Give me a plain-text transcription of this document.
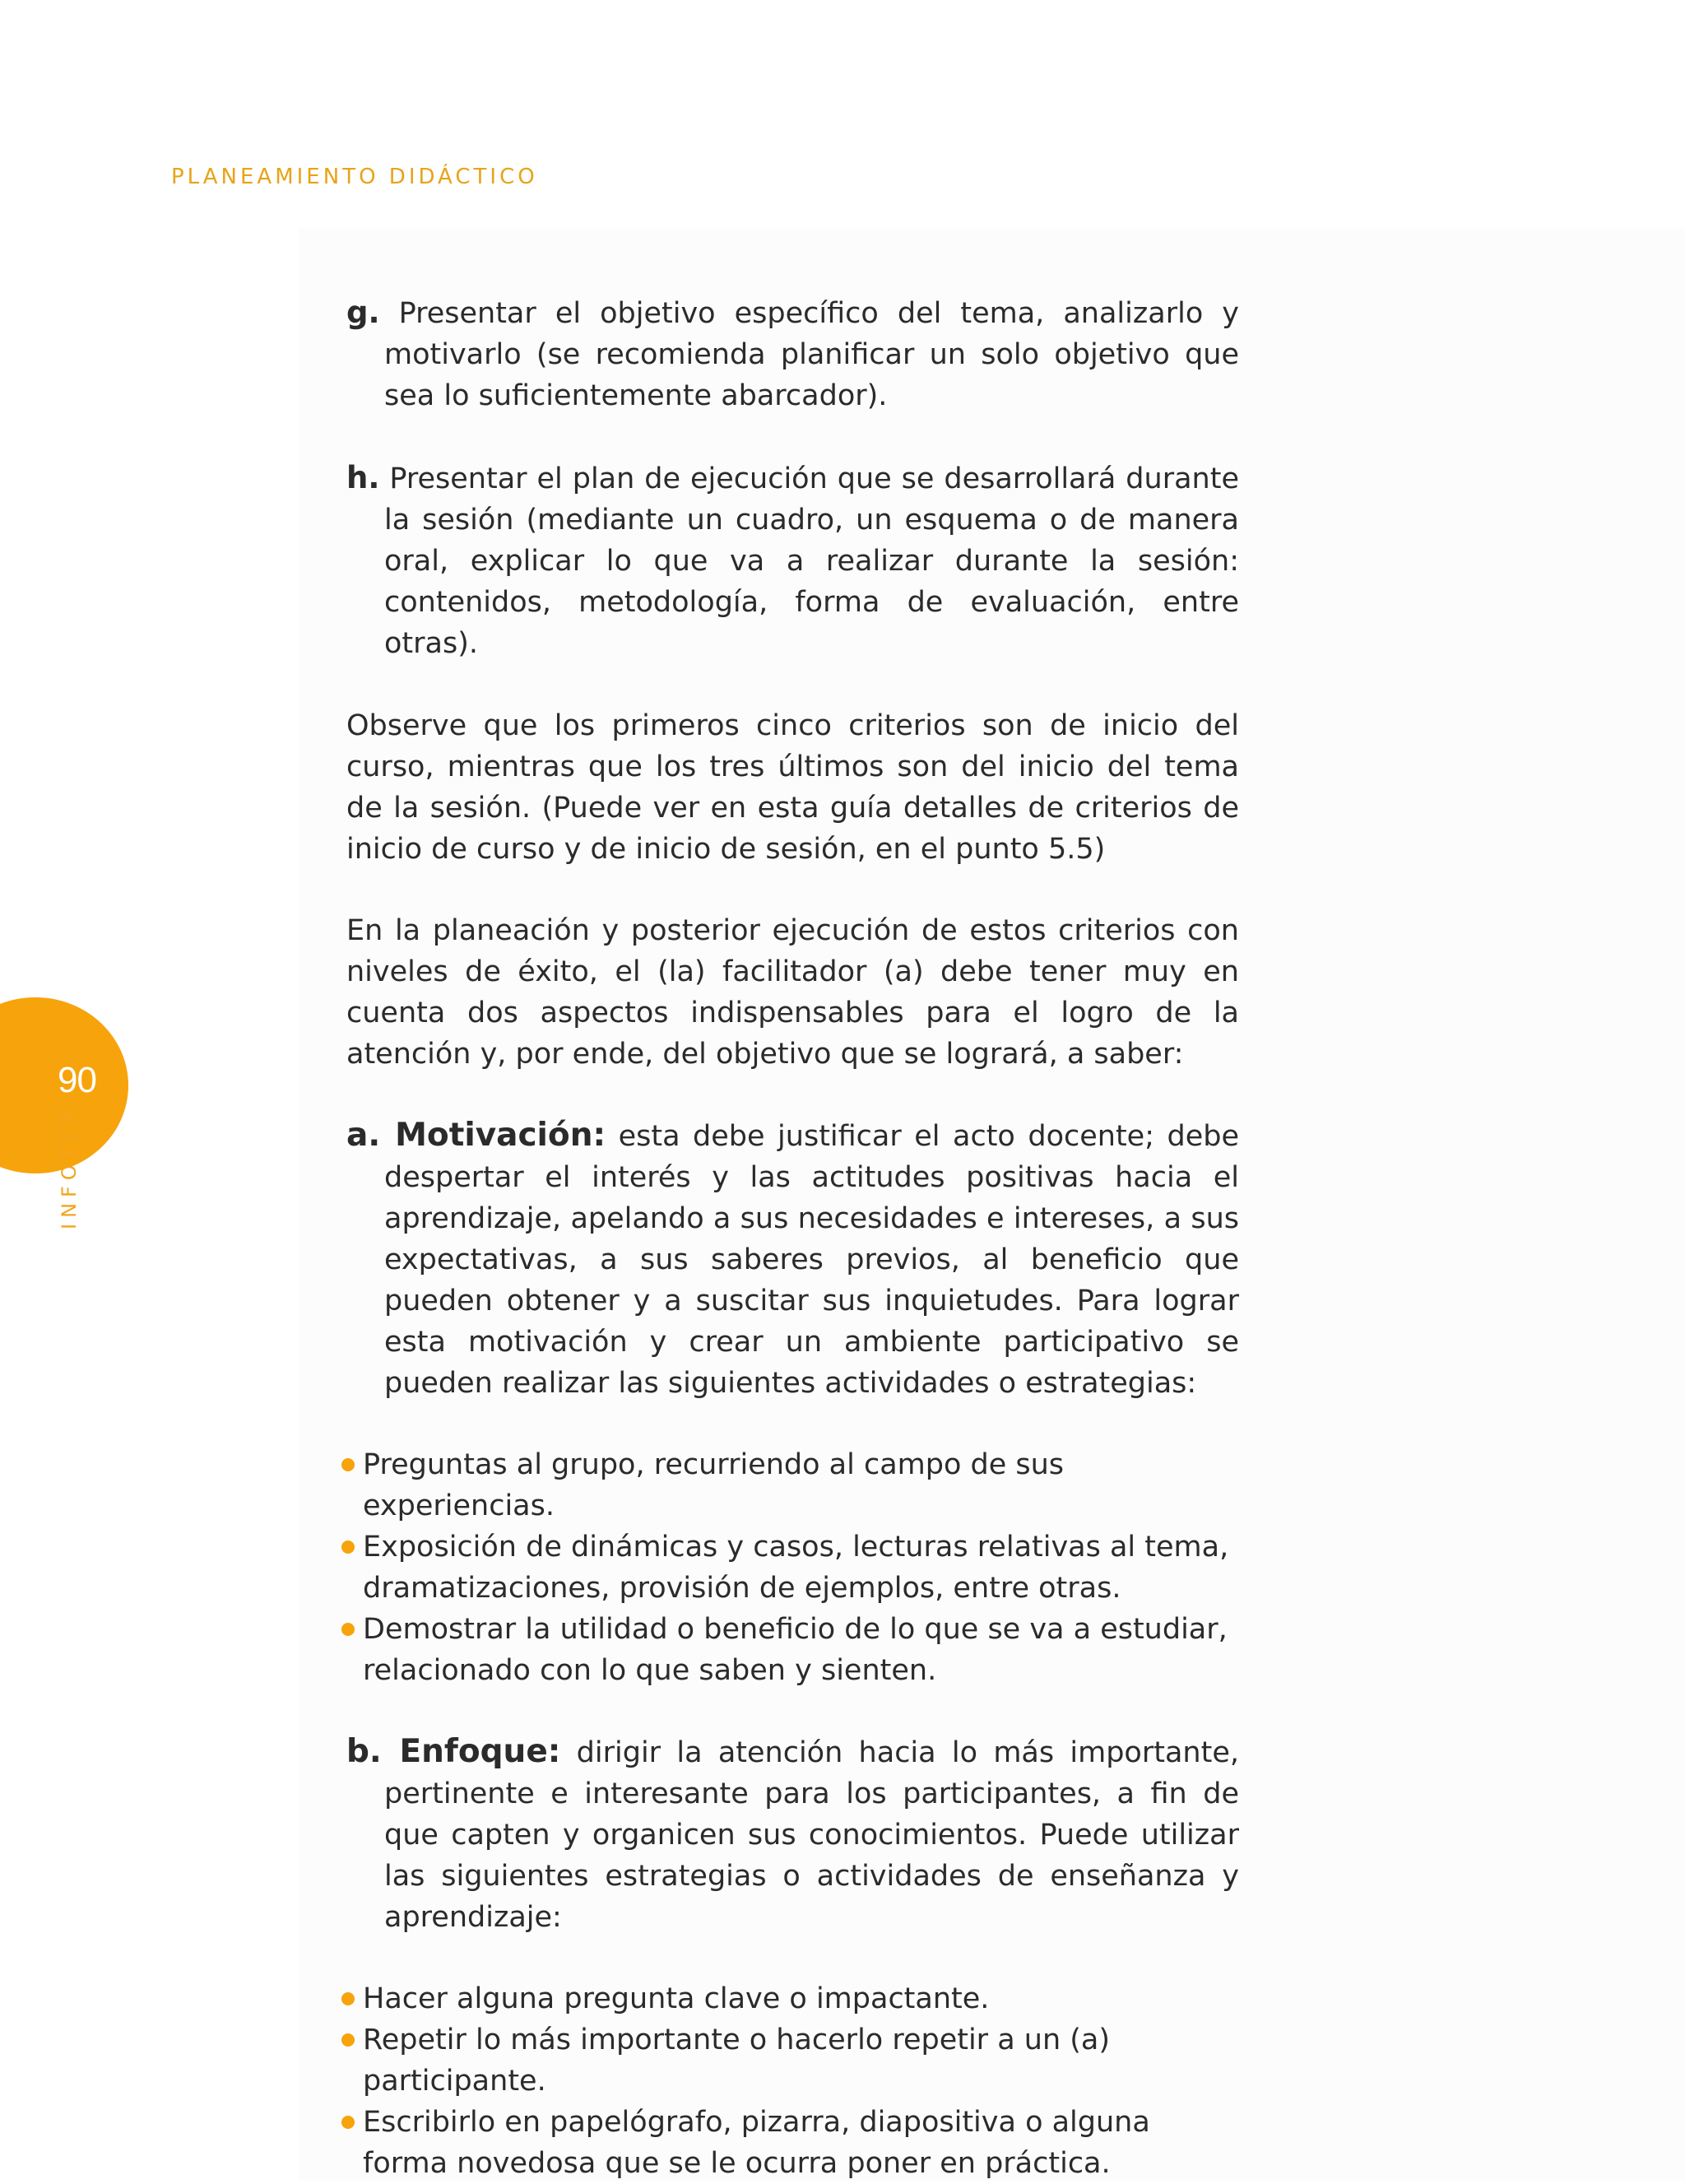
PLANEAMIENTO DIDÁCTICO
90
INFOTEP

g. Presentar el objetivo específico del tema, analizarlo y motivarlo (se recomienda planificar un solo objetivo que sea lo suficientemente abarcador).

h. Presentar el plan de ejecución que se desarrollará durante la sesión (mediante un cuadro, un esquema o de manera oral, explicar lo que va a realizar durante la sesión: contenidos, metodología, forma de evaluación, entre otras).

Observe que los primeros cinco criterios son de inicio del curso, mientras que los tres últimos son del inicio del tema de la sesión. (Puede ver en esta guía detalles de criterios de inicio de curso y de inicio de sesión, en el punto 5.5)

En la planeación y posterior ejecución de estos criterios con niveles de éxito, el (la) facilitador (a) debe tener muy en cuenta dos aspectos indispensables para el logro de la atención y, por ende, del objetivo que se logrará, a saber:

a. Motivación: esta debe justificar el acto docente; debe despertar el interés y las actitudes positivas hacia el aprendizaje, apelando a sus necesidades e intereses, a sus expectativas, a sus saberes previos, al beneficio que pueden obtener y a suscitar sus inquietudes. Para lograr esta motivación y crear un ambiente participativo se pueden realizar las siguientes actividades o estrategias:

Preguntas al grupo, recurriendo al campo de sus experiencias.
Exposición de dinámicas y casos, lecturas relativas al tema, dramatizaciones, provisión de ejemplos, entre otras.
Demostrar la utilidad o beneficio de lo que se va a estudiar, relacionado con lo que saben y sienten.

b. Enfoque: dirigir la atención hacia lo más importante, pertinente e interesante para los participantes, a fin de que capten y organicen sus conocimientos. Puede utilizar las siguientes estrategias o actividades de enseñanza y aprendizaje:

Hacer alguna pregunta clave o impactante.
Repetir lo más importante o hacerlo repetir a un (a) participante.
Escribirlo en papelógrafo, pizarra, diapositiva o alguna forma novedosa que se le ocurra poner en práctica.
